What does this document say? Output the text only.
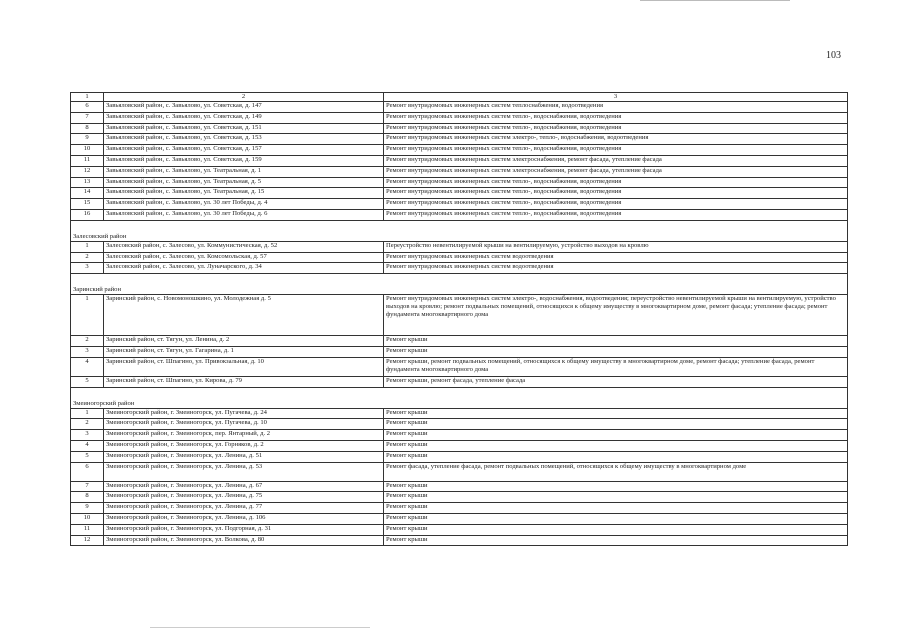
103
1	2	3
6	Завьяловский район, с. Завьялово, ул. Советская, д. 147	Ремонт внутридомовых инженерных систем теплоснабжения, водоотведения
7	Завьяловский район, с. Завьялово, ул. Советская, д. 149	Ремонт внутридомовых инженерных систем тепло-, водоснабжения, водоотведения
8	Завьяловский район, с. Завьялово, ул. Советская, д. 151	Ремонт внутридомовых инженерных систем тепло-, водоснабжения, водоотведения
9	Завьяловский район, с. Завьялово, ул. Советская, д. 153	Ремонт внутридомовых инженерных систем электро-, тепло-, водоснабжения, водоотведения
10	Завьяловский район, с. Завьялово, ул. Советская, д. 157	Ремонт внутридомовых инженерных систем тепло-, водоснабжения, водоотведения
11	Завьяловский район, с. Завьялово, ул. Советская, д. 159	Ремонт внутридомовых инженерных систем электроснабжения, ремонт фасада, утепление фасада
12	Завьяловский район, с. Завьялово, ул. Театральная, д. 1	Ремонт внутридомовых инженерных систем электроснабжения, ремонт фасада, утепление фасада
13	Завьяловский район, с. Завьялово, ул. Театральная, д. 5	Ремонт внутридомовых инженерных систем тепло-, водоснабжения, водоотведения
14	Завьяловский район, с. Завьялово, ул. Театральная, д. 15	Ремонт внутридомовых инженерных систем тепло-, водоснабжения, водоотведения
15	Завьяловский район, с. Завьялово, ул. 30 лет Победы, д. 4	Ремонт внутридомовых инженерных систем тепло-, водоснабжения, водоотведения
16	Завьяловский район, с. Завьялово, ул. 30 лет Победы, д. 6	Ремонт внутридомовых инженерных систем тепло-, водоснабжения, водоотведения
Залесовский район		
1	Залесовский район, с. Залесово, ул. Коммунистическая, д. 52	Переустройство невентилируемой крыши на вентилируемую, устройство выходов на кровлю
2	Залесовский район, с. Залесово, ул. Комсомольская, д. 57	Ремонт внутридомовых инженерных систем водоотведения
3	Залесовский район, с. Залесово, ул. Луначарского, д. 34	Ремонт внутридомовых инженерных систем водоотведения
Заринский район		
1	Заринский район, с. Новомоношкино, ул. Молодежная д. 5	Ремонт внутридомовых инженерных систем электро-, водоснабжения, водоотведения; переустройство невентилируемой крыши на вентилируемую, устройство выходов на кровлю; ремонт подвальных помещений, относящихся к общему имуществу в многоквартирном доме, ремонт фасада; утепление фасада; ремонт фундамента многоквартирного дома
2	Заринский район, ст. Тягун, ул. Ленина, д. 2	Ремонт крыши
3	Заринский район, ст. Тягун, ул. Гагарина, д. 1	Ремонт крыши
4	Заринский район, ст. Шпагино, ул. Привокзальная, д. 10	Ремонт крыши, ремонт подвальных помещений, относящихся к общему имуществу в многоквартирном доме, ремонт фасада; утепление фасада, ремонт фундамента многоквартирного дома
5	Заринский район, ст. Шпагино, ул. Кирова, д. 79	Ремонт крыши, ремонт фасада, утепление фасада
Змеиногорский район		
1	Змеиногорский район, г. Змеиногорск, ул. Пугачева, д. 24	Ремонт крыши
2	Змеиногорский район, г. Змеиногорск, ул. Пугачева, д. 10	Ремонт крыши
3	Змеиногорский район, г. Змеиногорск, пер. Янтарный, д. 2	Ремонт крыши
4	Змеиногорский район, г. Змеиногорск, ул. Горняков, д. 2	Ремонт крыши
5	Змеиногорский район, г. Змеиногорск, ул. Ленина, д. 51	Ремонт крыши
6	Змеиногорский район, г. Змеиногорск, ул. Ленина, д. 53	Ремонт фасада, утепление фасада, ремонт подвальных помещений, относящихся к общему имуществу в многоквартирном доме
7	Змеиногорский район, г. Змеиногорск, ул. Ленина, д. 67	Ремонт крыши
8	Змеиногорский район, г. Змеиногорск, ул. Ленина, д. 75	Ремонт крыши
9	Змеиногорский район, г. Змеиногорск, ул. Ленина, д. 77	Ремонт крыши
10	Змеиногорский район, г. Змеиногорск, ул. Ленина, д. 106	Ремонт крыши
11	Змеиногорский район, г. Змеиногорск, ул. Подгорная, д. 31	Ремонт крыши
12	Змеиногорский район, г. Змеиногорск, ул. Волкова, д. 80	Ремонт крыши
